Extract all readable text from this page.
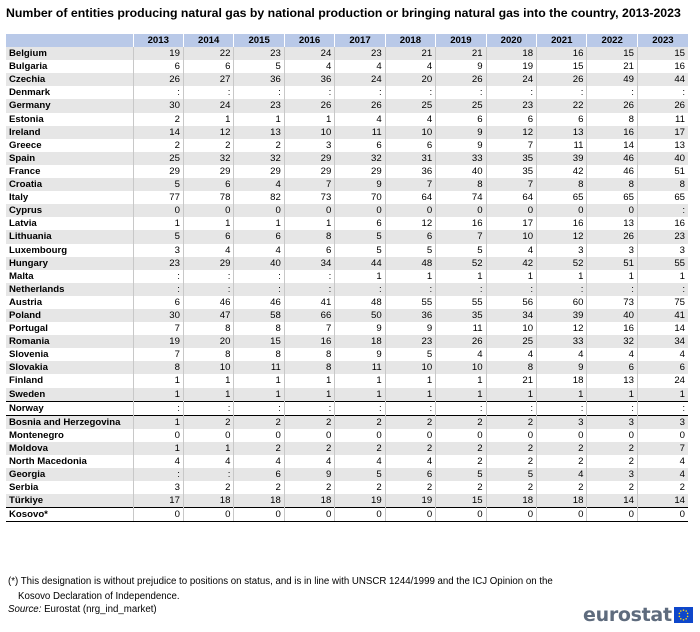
Number of entities producing natural gas by national production or bringing natural gas into the country, 2013-2023
	2013	2014	2015	2016	2017	2018	2019	2020	2021	2022	2023
Belgium	19	22	23	24	23	21	21	18	16	15	15
Bulgaria	6	6	5	4	4	4	9	19	15	21	16
Czechia	26	27	36	36	24	20	26	24	26	49	44
Denmark	:	:	:	:	:	:	:	:	:	:	:
Germany	30	24	23	26	26	25	25	23	22	26	26
Estonia	2	1	1	1	4	4	6	6	6	8	11
Ireland	14	12	13	10	11	10	9	12	13	16	17
Greece	2	2	2	3	6	6	9	7	11	14	13
Spain	25	32	32	29	32	31	33	35	39	46	40
France	29	29	29	29	29	36	40	35	42	46	51
Croatia	5	6	4	7	9	7	8	7	8	8	8
Italy	77	78	82	73	70	64	74	64	65	65	65
Cyprus	0	0	0	0	0	0	0	0	0	0	:
Latvia	1	1	1	1	6	12	16	17	16	13	16
Lithuania	5	6	6	8	5	6	7	10	12	26	23
Luxembourg	3	4	4	6	5	5	5	4	3	3	3
Hungary	23	29	40	34	44	48	52	42	52	51	55
Malta	:	:	:	:	1	1	1	1	1	1	1
Netherlands	:	:	:	:	:	:	:	:	:	:	:
Austria	6	46	46	41	48	55	55	56	60	73	75
Poland	30	47	58	66	50	36	35	34	39	40	41
Portugal	7	8	8	7	9	9	11	10	12	16	14
Romania	19	20	15	16	18	23	26	25	33	32	34
Slovenia	7	8	8	8	9	5	4	4	4	4	4
Slovakia	8	10	11	8	11	10	10	8	9	6	6
Finland	1	1	1	1	1	1	1	21	18	13	24
Sweden	1	1	1	1	1	1	1	1	1	1	1
Norway	:	:	:	:	:	:	:	:	:	:	:
Bosnia and Herzegovina	1	2	2	2	2	2	2	2	3	3	3
Montenegro	0	0	0	0	0	0	0	0	0	0	0
Moldova	1	1	2	2	2	2	2	2	2	2	7
North Macedonia	4	4	4	4	4	4	2	2	2	2	4
Georgia	:	:	6	9	5	6	5	5	4	3	4
Serbia	3	2	2	2	2	2	2	2	2	2	2
Türkiye	17	18	18	18	19	19	15	18	18	14	14
Kosovo*	0	0	0	0	0	0	0	0	0	0	0
(*) This designation is without prejudice to positions on status, and is in line with UNSCR 1244/1999 and the ICJ Opinion on the
Kosovo Declaration of Independence.
Source: Eurostat (nrg_ind_market)	eurostat
